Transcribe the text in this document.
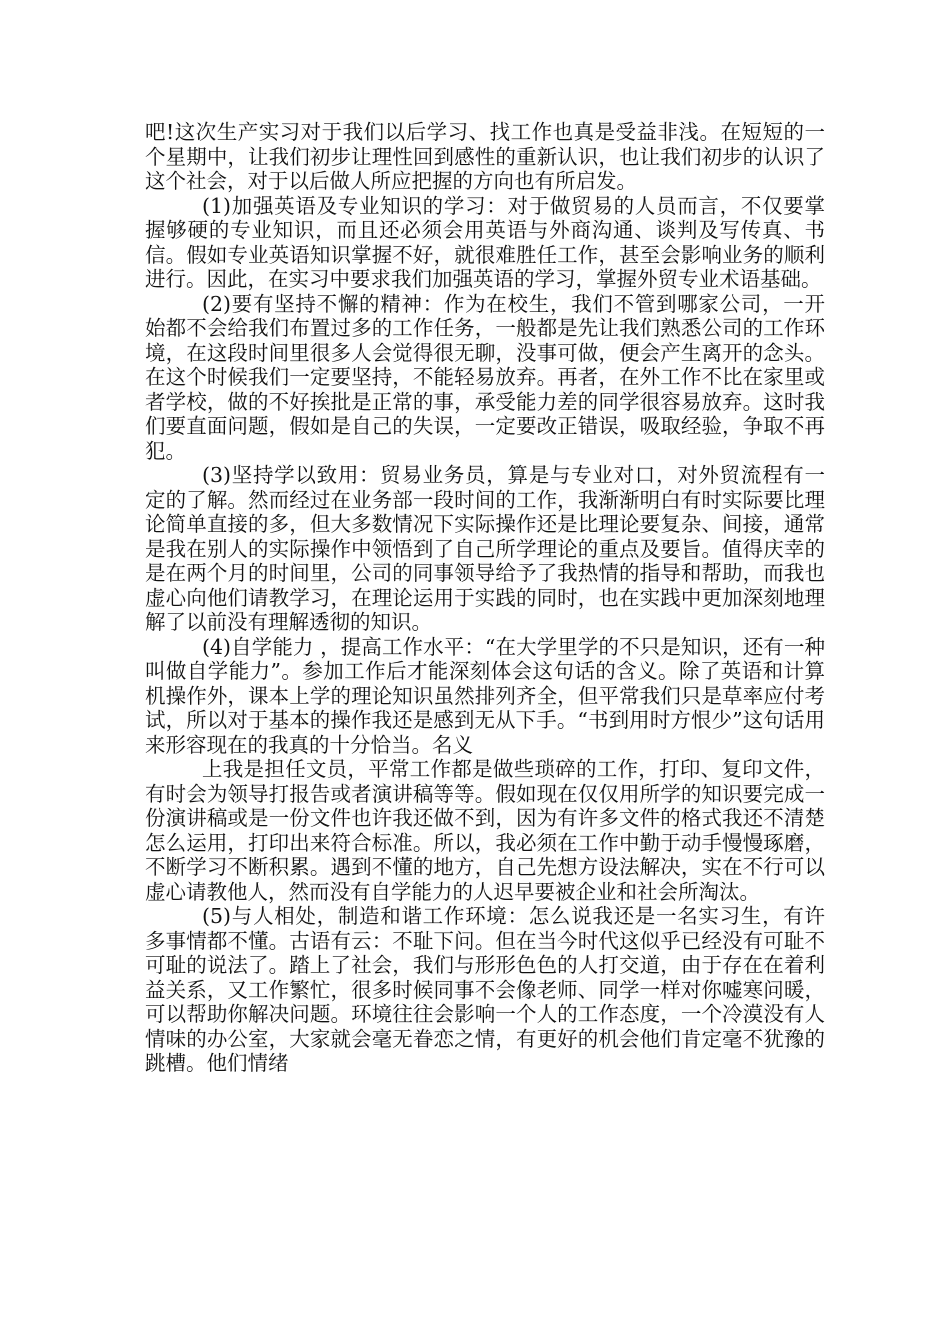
吧!这次生产实习对于我们以后学习、找工作也真是受益非浅。在短短的一个星期中，让我们初步让理性回到感性的重新认识，也让我们初步的认识了这个社会，对于以后做人所应把握的方向也有所启发。

(1)加强英语及专业知识的学习：对于做贸易的人员而言，不仅要掌握够硬的专业知识，而且还必须会用英语与外商沟通、谈判及写传真、书信。假如专业英语知识掌握不好，就很难胜任工作，甚至会影响业务的顺利进行。因此，在实习中要求我们加强英语的学习，掌握外贸专业术语基础。

(2)要有坚持不懈的精神：作为在校生，我们不管到哪家公司，一开始都不会给我们布置过多的工作任务，一般都是先让我们熟悉公司的工作环境，在这段时间里很多人会觉得很无聊，没事可做，便会产生离开的念头。在这个时候我们一定要坚持，不能轻易放弃。再者，在外工作不比在家里或者学校，做的不好挨批是正常的事，承受能力差的同学很容易放弃。这时我们要直面问题，假如是自己的失误，一定要改正错误，吸取经验，争取不再犯。

(3)坚持学以致用：贸易业务员，算是与专业对口，对外贸流程有一定的了解。然而经过在业务部一段时间的工作，我渐渐明白有时实际要比理论简单直接的多，但大多数情况下实际操作还是比理论要复杂、间接，通常是我在别人的实际操作中领悟到了自己所学理论的重点及要旨。值得庆幸的是在两个月的时间里，公司的同事领导给予了我热情的指导和帮助，而我也虚心向他们请教学习，在理论运用于实践的同时，也在实践中更加深刻地理解了以前没有理解透彻的知识。

(4)自学能力 ，提高工作水平：“在大学里学的不只是知识，还有一种叫做自学能力”。参加工作后才能深刻体会这句话的含义。除了英语和计算机操作外，课本上学的理论知识虽然排列齐全，但平常我们只是草率应付考试，所以对于基本的操作我还是感到无从下手。“书到用时方恨少”这句话用来形容现在的我真的十分恰当。名义

上我是担任文员，平常工作都是做些琐碎的工作，打印、复印文件，有时会为领导打报告或者演讲稿等等。假如现在仅仅用所学的知识要完成一份演讲稿或是一份文件也许我还做不到，因为有许多文件的格式我还不清楚怎么运用，打印出来符合标准。所以，我必须在工作中勤于动手慢慢琢磨，不断学习不断积累。遇到不懂的地方，自己先想方设法解决，实在不行可以虚心请教他人，然而没有自学能力的人迟早要被企业和社会所淘汰。

(5)与人相处，制造和谐工作环境：怎么说我还是一名实习生，有许多事情都不懂。古语有云：不耻下问。但在当今时代这似乎已经没有可耻不可耻的说法了。踏上了社会，我们与形形色色的人打交道，由于存在在着利益关系，又工作繁忙，很多时候同事不会像老师、同学一样对你嘘寒问暖，可以帮助你解决问题。环境往往会影响一个人的工作态度，一个冷漠没有人情味的办公室，大家就会毫无眷恋之情，有更好的机会他们肯定毫不犹豫的跳槽。他们情绪
